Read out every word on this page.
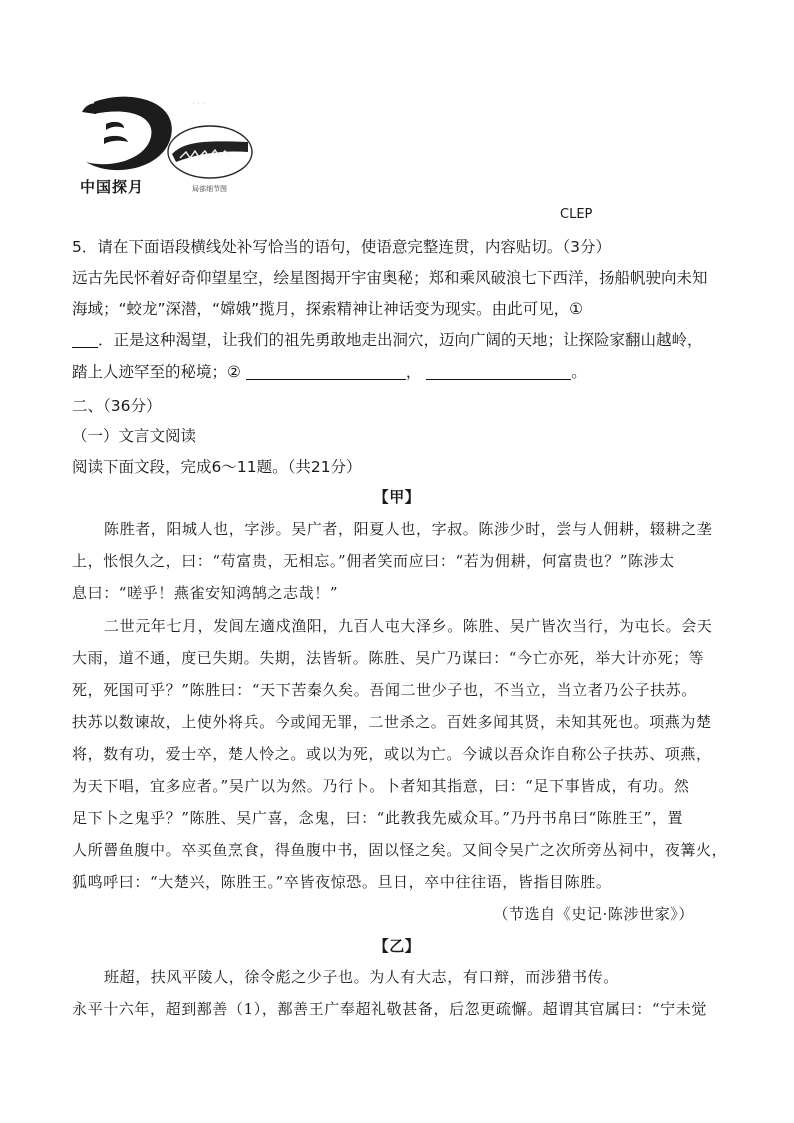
· · ·
中国探月	局部细节图
CLEP
5．请在下面语段横线处补写恰当的语句，使语意完整连贯，内容贴切。（3分）
远古先民怀着好奇仰望星空，绘星图揭开宇宙奥秘；郑和乘风破浪七下西洋，扬船帆驶向未知
海域；“蛟龙”深潜，“嫦娥”揽月，探索精神让神话变为现实。由此可见，①
．正是这种渴望，让我们的祖先勇敢地走出洞穴，迈向广阔的天地；让探险家翻山越岭，
踏上人迹罕至的秘境；②	，	。
二、（36分）
（一）文言文阅读
阅读下面文段，完成6～11题。（共21分）
【甲】
陈胜者，阳城人也，字涉。吴广者，阳夏人也，字叔。陈涉少时，尝与人佣耕，辍耕之垄
上，怅恨久之，曰：“苟富贵，无相忘。”佣者笑而应曰：“若为佣耕，何富贵也？”陈涉太
息曰：“嗟乎！燕雀安知鸿鹄之志哉！”
二世元年七月，发闾左適戍渔阳，九百人屯大泽乡。陈胜、吴广皆次当行，为屯长。会天
大雨，道不通，度已失期。失期，法皆斩。陈胜、吴广乃谋曰：“今亡亦死，举大计亦死；等
死，死国可乎？”陈胜曰：“天下苦秦久矣。吾闻二世少子也，不当立，当立者乃公子扶苏。
扶苏以数谏故，上使外将兵。今或闻无罪，二世杀之。百姓多闻其贤，未知其死也。项燕为楚
将，数有功，爱士卒，楚人怜之。或以为死，或以为亡。今诚以吾众诈自称公子扶苏、项燕，
为天下唱，宜多应者。”吴广以为然。乃行卜。卜者知其指意，曰：“足下事皆成，有功。然
足下卜之鬼乎？”陈胜、吴广喜，念鬼，曰：“此教我先威众耳。”乃丹书帛曰“陈胜王”，置
人所罾鱼腹中。卒买鱼烹食，得鱼腹中书，固以怪之矣。又间令吴广之次所旁丛祠中，夜篝火，
狐鸣呼曰：“大楚兴，陈胜王。”卒皆夜惊恐。旦日，卒中往往语，皆指目陈胜。
（节选自《史记·陈涉世家》）
【乙】
班超，扶风平陵人，徐令彪之少子也。为人有大志，有口辩，而涉猎书传。
永平十六年，超到鄯善（1），鄯善王广奉超礼敬甚备，后忽更疏懈。超谓其官属曰：“宁未觉
